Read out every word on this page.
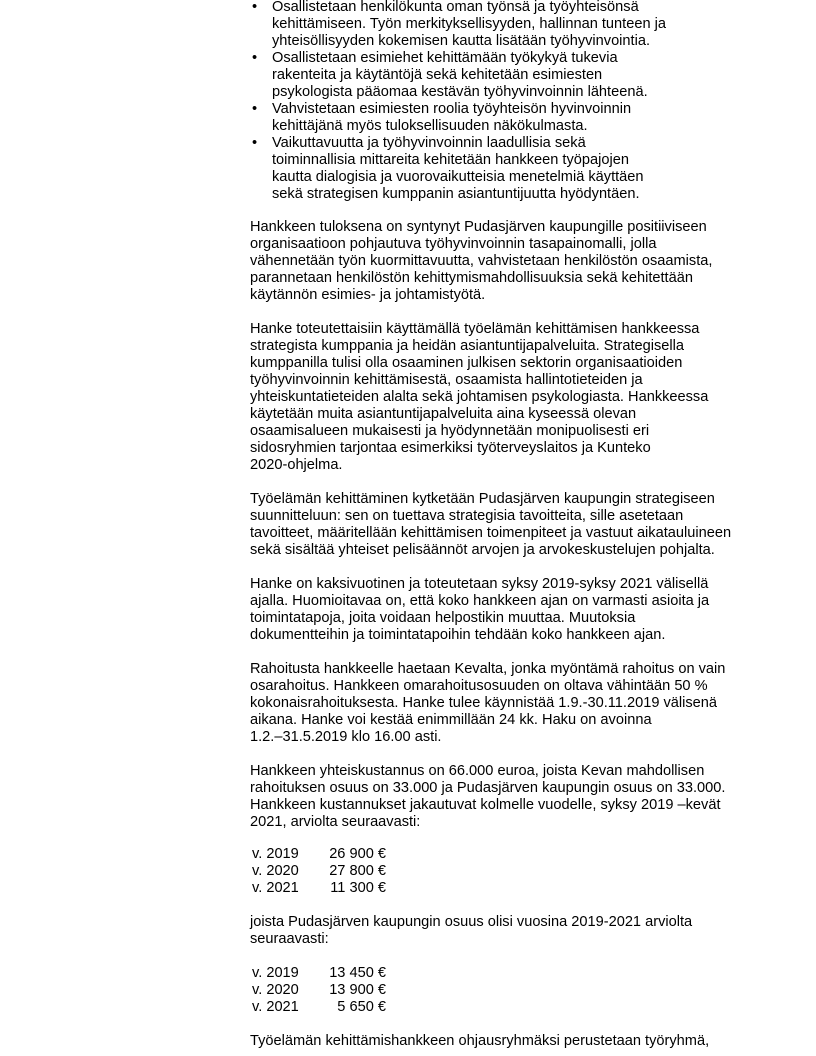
• Osallistetaan henkilökunta oman työnsä ja työyhteisönsä
kehittämiseen. Työn merkityksellisyyden, hallinnan tunteen ja
yhteisöllisyyden kokemisen kautta lisätään työhyvinvointia.
• Osallistetaan esimiehet kehittämään työkykyä tukevia
rakenteita ja käytäntöjä sekä kehitetään esimiesten
psykologista pääomaa kestävän työhyvinvoinnin lähteenä.
• Vahvistetaan esimiesten roolia työyhteisön hyvinvoinnin
kehittäjänä myös tuloksellisuuden näkökulmasta.
• Vaikuttavuutta ja työhyvinvoinnin laadullisia sekä
toiminnallisia mittareita kehitetään hankkeen työpajojen
kautta dialogisia ja vuorovaikutteisia menetelmiä käyttäen
sekä strategisen kumppanin asiantuntijuutta hyödyntäen.

Hankkeen tuloksena on syntynyt Pudasjärven kaupungille positiiviseen
organisaatioon pohjautuva työhyvinvoinnin tasapainomalli, jolla
vähennetään työn kuormittavuutta, vahvistetaan henkilöstön osaamista,
parannetaan henkilöstön kehittymismahdollisuuksia sekä kehitettään
käytännön esimies- ja johtamistyötä.

Hanke toteutettaisiin käyttämällä työelämän kehittämisen hankkeessa
strategista kumppania ja heidän asiantuntijapalveluita. Strategisella
kumppanilla tulisi olla osaaminen julkisen sektorin organisaatioiden
työhyvinvoinnin kehittämisestä, osaamista hallintotieteiden ja
yhteiskuntatieteiden alalta sekä johtamisen psykologiasta. Hankkeessa
käytetään muita asiantuntijapalveluita aina kyseessä olevan
osaamisalueen mukaisesti ja hyödynnetään monipuolisesti eri
sidosryhmien tarjontaa esimerkiksi työterveyslaitos ja Kunteko
2020-ohjelma.

Työelämän kehittäminen kytketään Pudasjärven kaupungin strategiseen
suunnitteluun: sen on tuettava strategisia tavoitteita, sille asetetaan
tavoitteet, määritellään kehittämisen toimenpiteet ja vastuut aikatauluineen
sekä sisältää yhteiset pelisäännöt arvojen ja arvokeskustelujen pohjalta.

Hanke on kaksivuotinen ja toteutetaan syksy 2019-syksy 2021 välisellä
ajalla. Huomioitavaa on, että koko hankkeen ajan on varmasti asioita ja
toimintatapoja, joita voidaan helpostikin muuttaa. Muutoksia
dokumentteihin ja toimintatapoihin tehdään koko hankkeen ajan.

Rahoitusta hankkeelle haetaan Kevalta, jonka myöntämä rahoitus on vain
osarahoitus. Hankkeen omarahoitusosuuden on oltava vähintään 50 %
kokonaisrahoituksesta. Hanke tulee käynnistää 1.9.-30.11.2019 välisenä
aikana. Hanke voi kestää enimmillään 24 kk. Haku on avoinna
1.2.–31.5.2019 klo 16.00 asti.

Hankkeen yhteiskustannus on 66.000 euroa, joista Kevan mahdollisen
rahoituksen osuus on 33.000 ja Pudasjärven kaupungin osuus on 33.000.
Hankkeen kustannukset jakautuvat kolmelle vuodelle, syksy 2019 –kevät
2021, arviolta seuraavasti:

v. 2019	26 900 €
v. 2020	27 800 €
v. 2021	11 300 €

joista Pudasjärven kaupungin osuus olisi vuosina 2019-2021 arviolta
seuraavasti:

v. 2019	13 450 €
v. 2020	13 900 €
v. 2021	5 650 €

Työelämän kehittämishankkeen ohjausryhmäksi perustetaan työryhmä,
